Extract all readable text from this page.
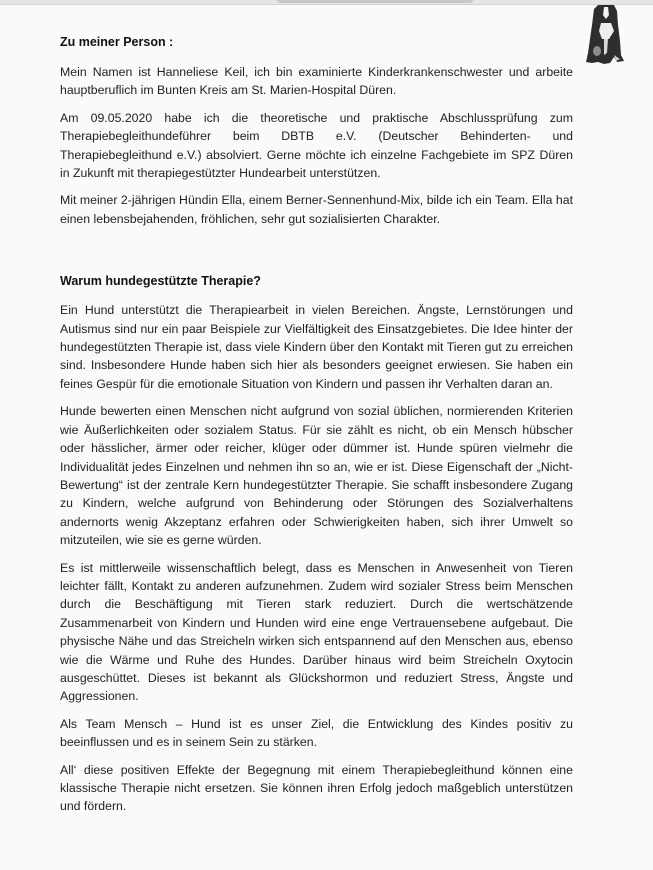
Zu meiner Person :

Mein Namen ist Hanneliese Keil, ich bin examinierte Kinderkrankenschwester und arbeite hauptberuflich im Bunten Kreis am St. Marien-Hospital Düren.

Am 09.05.2020 habe ich die theoretische und praktische Abschlussprüfung zum Therapiebegleithundeführer beim DBTB e.V. (Deutscher Behinderten- und Therapiebegleithund e.V.) absolviert. Gerne möchte ich einzelne Fachgebiete im SPZ Düren in Zukunft mit therapiegestützter Hundearbeit unterstützen.

Mit meiner 2-jährigen Hündin Ella, einem Berner-Sennenhund-Mix, bilde ich ein Team. Ella hat einen lebensbejahenden, fröhlichen, sehr gut sozialisierten Charakter.

Warum hundegestützte Therapie?

Ein Hund unterstützt die Therapiearbeit in vielen Bereichen. Ängste, Lernstörungen und Autismus sind nur ein paar Beispiele zur Vielfältigkeit des Einsatzgebietes. Die Idee hinter der hundegestützten Therapie ist, dass viele Kindern über den Kontakt mit Tieren gut zu erreichen sind. Insbesondere Hunde haben sich hier als besonders geeignet erwiesen. Sie haben ein feines Gespür für die emotionale Situation von Kindern und passen ihr Verhalten daran an.

Hunde bewerten einen Menschen nicht aufgrund von sozial üblichen, normierenden Kriterien wie Äußerlichkeiten oder sozialem Status. Für sie zählt es nicht, ob ein Mensch hübscher oder hässlicher, ärmer oder reicher, klüger oder dümmer ist. Hunde spüren vielmehr die Individualität jedes Einzelnen und nehmen ihn so an, wie er ist. Diese Eigenschaft der „Nicht-Bewertung“ ist der zentrale Kern hundegestützter Therapie. Sie schafft insbesondere Zugang zu Kindern, welche aufgrund von Behinderung oder Störungen des Sozialverhaltens andernorts wenig Akzeptanz erfahren oder Schwierigkeiten haben, sich ihrer Umwelt so mitzuteilen, wie sie es gerne würden.

Es ist mittlerweile wissenschaftlich belegt, dass es Menschen in Anwesenheit von Tieren leichter fällt, Kontakt zu anderen aufzunehmen. Zudem wird sozialer Stress beim Menschen durch die Beschäftigung mit Tieren stark reduziert. Durch die wertschätzende Zusammenarbeit von Kindern und Hunden wird eine enge Vertrauensebene aufgebaut. Die physische Nähe und das Streicheln wirken sich entspannend auf den Menschen aus, ebenso wie die Wärme und Ruhe des Hundes. Darüber hinaus wird beim Streicheln Oxytocin ausgeschüttet. Dieses ist bekannt als Glückshormon und reduziert Stress, Ängste und Aggressionen.

Als Team Mensch – Hund ist es unser Ziel, die Entwicklung des Kindes positiv zu beeinflussen und es in seinem Sein zu stärken.

All‘ diese positiven Effekte der Begegnung mit einem Therapiebegleithund können eine klassische Therapie nicht ersetzen. Sie können ihren Erfolg jedoch maßgeblich unterstützen und fördern.
